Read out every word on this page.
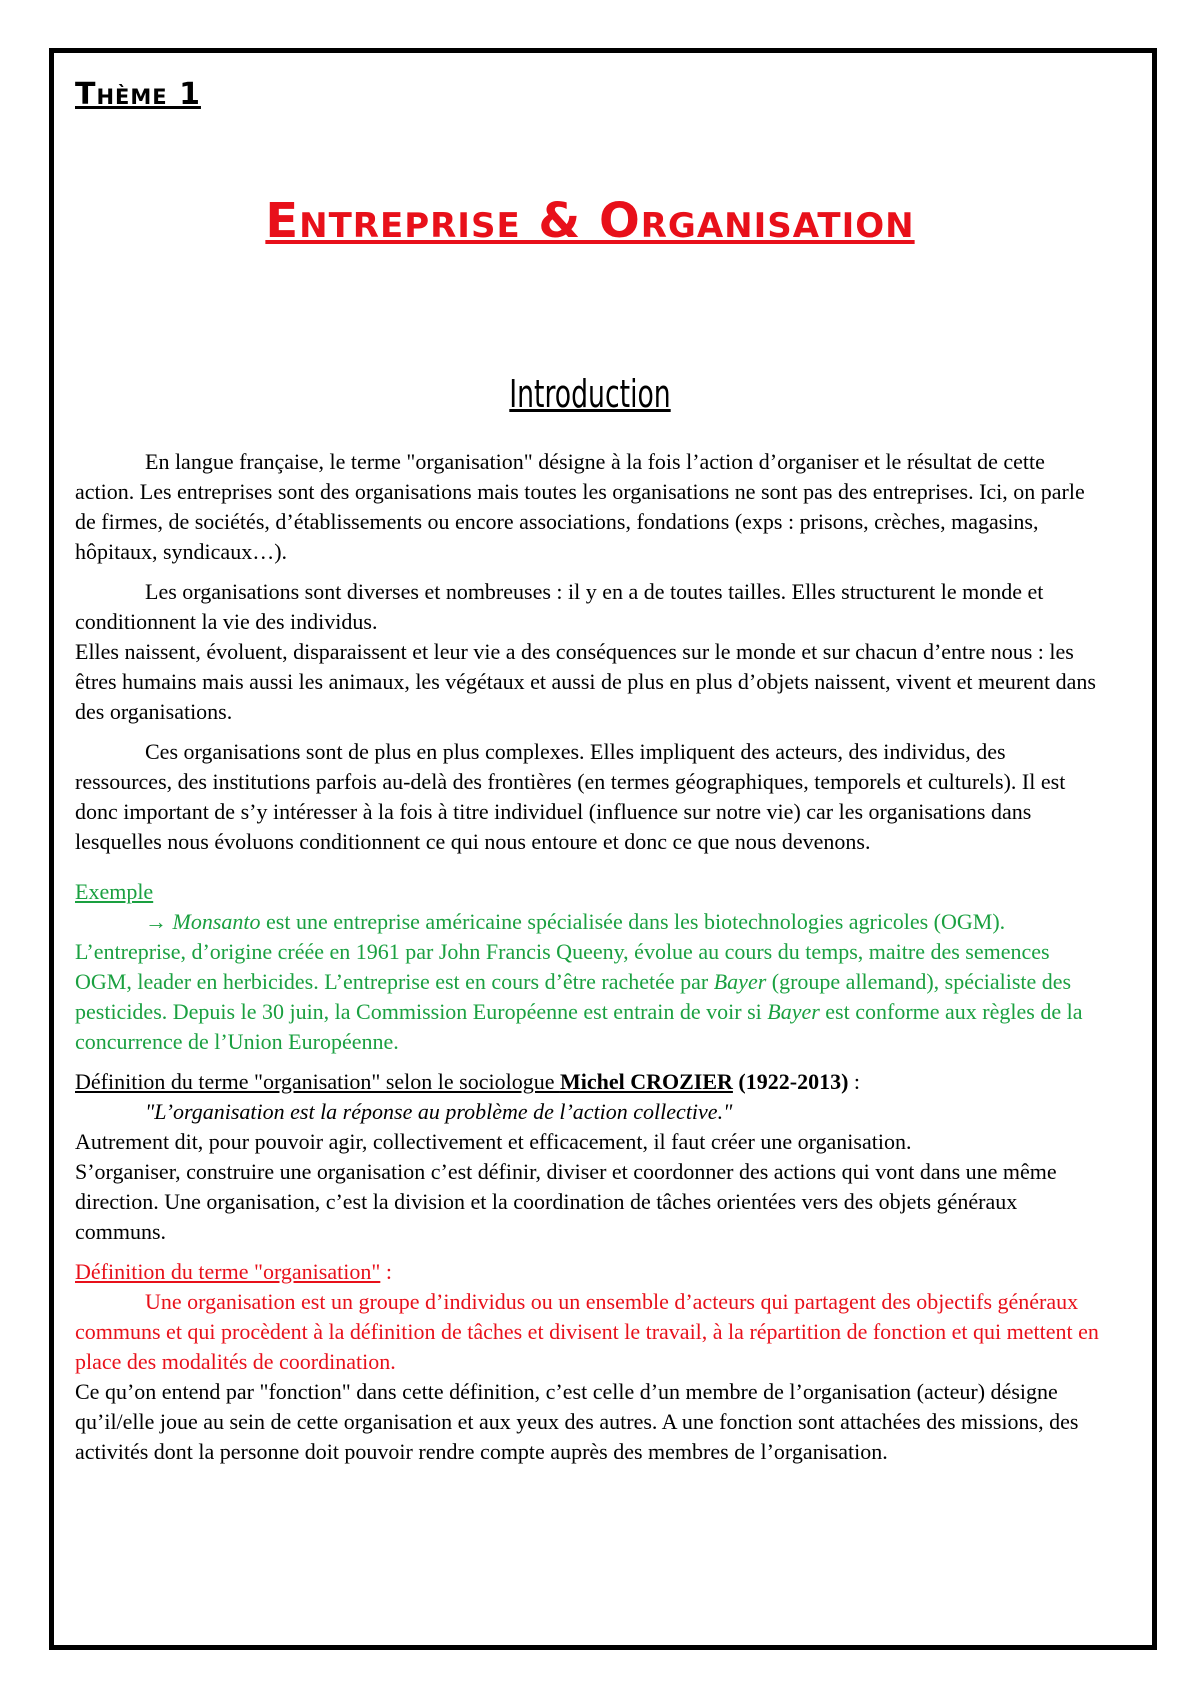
Thème 1

Entreprise & Organisation
Introduction

En langue française, le terme "organisation" désigne à la fois l’action d’organiser et le résultat de cette action. Les entreprises sont des organisations mais toutes les organisations ne sont pas des entreprises. Ici, on parle de firmes, de sociétés, d’établissements ou encore associations, fondations (exps : prisons, crèches, magasins, hôpitaux, syndicaux…).

Les organisations sont diverses et nombreuses : il y en a de toutes tailles. Elles structurent le monde et conditionnent la vie des individus.

Elles naissent, évoluent, disparaissent et leur vie a des conséquences sur le monde et sur chacun d’entre nous : les êtres humains mais aussi les animaux, les végétaux et aussi de plus en plus d’objets naissent, vivent et meurent dans des organisations.

Ces organisations sont de plus en plus complexes. Elles impliquent des acteurs, des individus, des ressources, des institutions parfois au-delà des frontières (en termes géographiques, temporels et culturels). Il est donc important de s’y intéresser à la fois à titre individuel (influence sur notre vie) car les organisations dans lesquelles nous évoluons conditionnent ce qui nous entoure et donc ce que nous devenons.

Exemple

→ Monsanto est une entreprise américaine spécialisée dans les biotechnologies agricoles (OGM). L’entreprise, d’origine créée en 1961 par John Francis Queeny, évolue au cours du temps, maitre des semences OGM, leader en herbicides. L’entreprise est en cours d’être rachetée par Bayer (groupe allemand), spécialiste des pesticides. Depuis le 30 juin, la Commission Européenne est entrain de voir si Bayer est conforme aux règles de la concurrence de l’Union Européenne.

Définition du terme "organisation" selon le sociologue Michel CROZIER (1922-2013) :

"L’organisation est la réponse au problème de l’action collective."

Autrement dit, pour pouvoir agir, collectivement et efficacement, il faut créer une organisation.

S’organiser, construire une organisation c’est définir, diviser et coordonner des actions qui vont dans une même direction. Une organisation, c’est la division et la coordination de tâches orientées vers des objets généraux communs.

Définition du terme "organisation" :

Une organisation est un groupe d’individus ou un ensemble d’acteurs qui partagent des objectifs généraux communs et qui procèdent à la définition de tâches et divisent le travail, à la répartition de fonction et qui mettent en place des modalités de coordination.

Ce qu’on entend par "fonction" dans cette définition, c’est celle d’un membre de l’organisation (acteur) désigne qu’il/elle joue au sein de cette organisation et aux yeux des autres. A une fonction sont attachées des missions, des activités dont la personne doit pouvoir rendre compte auprès des membres de l’organisation.
